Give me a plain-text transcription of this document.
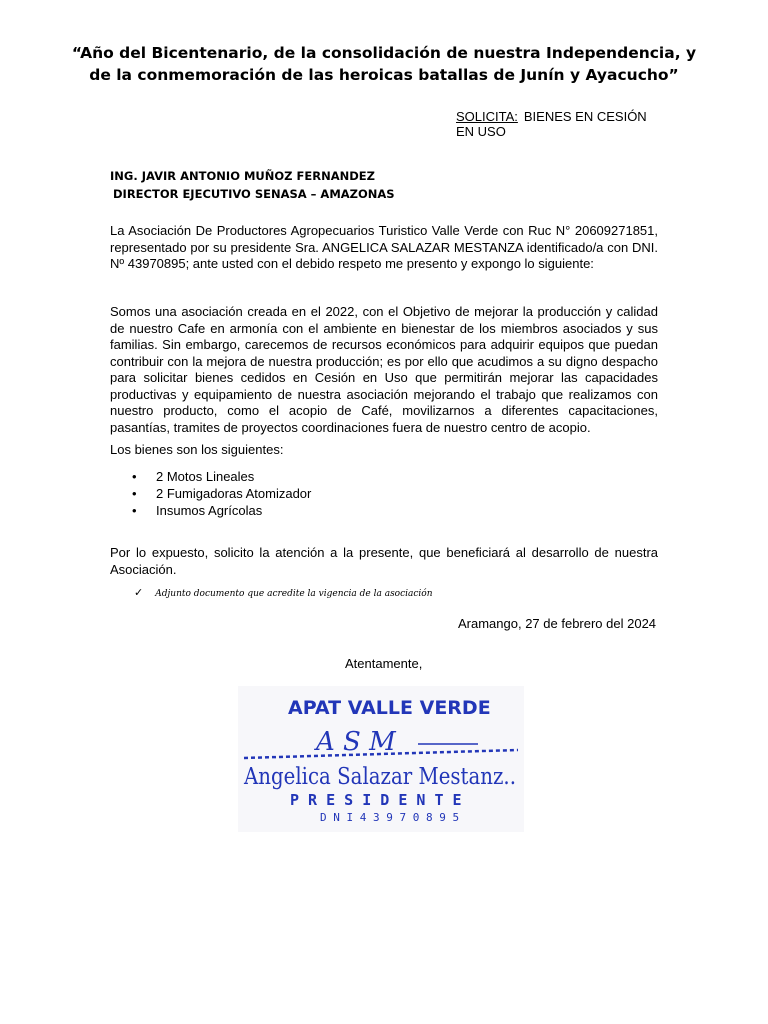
“Año del Bicentenario, de la consolidación de nuestra Independencia, y
de la conmemoración de las heroicas batallas de Junín y Ayacucho”
SOLICITA: BIENES EN CESIÓN EN USO
ING. JAVIR ANTONIO MUÑOZ FERNANDEZ
DIRECTOR EJECUTIVO SENASA – AMAZONAS
La Asociación De Productores Agropecuarios Turistico Valle Verde con Ruc N° 20609271851, representado por su presidente Sra. ANGELICA SALAZAR MESTANZA identificado/a con DNI. Nº 43970895; ante usted con el debido respeto me presento y expongo lo siguiente:
Somos una asociación creada en el 2022, con el Objetivo de mejorar la producción y calidad de nuestro Cafe en armonía con el ambiente en bienestar de los miembros asociados y sus familias. Sin embargo, carecemos de recursos económicos para adquirir equipos que puedan contribuir con la mejora de nuestra producción; es por ello que acudimos a su digno despacho para solicitar bienes cedidos en Cesión en Uso que permitirán mejorar las capacidades productivas y equipamiento de nuestra asociación mejorando el trabajo que realizamos con nuestro producto, como el acopio de Café, movilizarnos a diferentes capacitaciones, pasantías, tramites de proyectos coordinaciones fuera de nuestro centro de acopio.
Los bienes son los siguientes:
• 2 Motos Lineales
• 2 Fumigadoras Atomizador
• Insumos Agrícolas
Por lo expuesto, solicito la atención a la presente, que beneficiará al desarrollo de nuestra Asociación.
✓ Adjunto documento que acredite la vigencia de la asociación
Aramango, 27 de febrero del 2024
Atentamente,
APAT VALLE VERDE
A S M
Angelica Salazar Mestanz..
P R E S I D E N T E
D N I 4 3 9 7 0 8 9 5
